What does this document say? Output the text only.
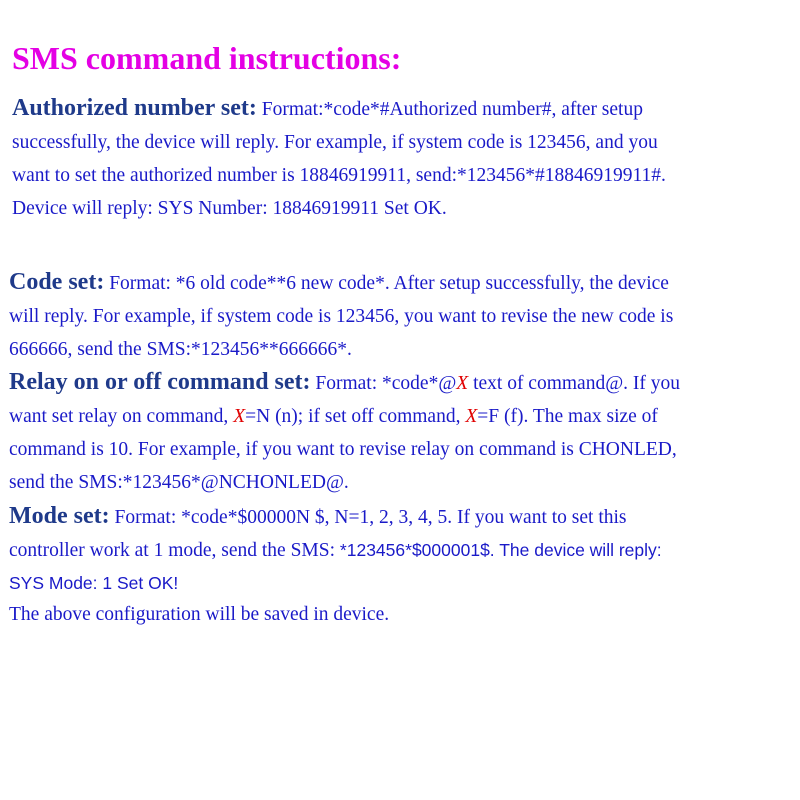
SMS command instructions:

Authorized number set: Format:*code*#Authorized number#, after setup
successfully, the device will reply. For example, if system code is 123456, and you
want to set the authorized number is 18846919911, send:*123456*#18846919911#.
Device will reply: SYS Number: 18846919911 Set OK.

Code set: Format: *6 old code**6 new code*. After setup successfully, the device
will reply. For example, if system code is 123456, you want to revise the new code is
666666, send the SMS:*123456**666666*.

Relay on or off command set: Format: *code*@X text of command@. If you
want set relay on command, X=N (n); if set off command, X=F (f). The max size of
command is 10. For example, if you want to revise relay on command is CHONLED,
send the SMS:*123456*@NCHONLED@.

Mode set: Format: *code*$00000N $, N=1, 2, 3, 4, 5. If you want to set this
controller work at 1 mode, send the SMS: *123456*$000001$. The device will reply:
SYS Mode: 1 Set OK!

The above configuration will be saved in device.
